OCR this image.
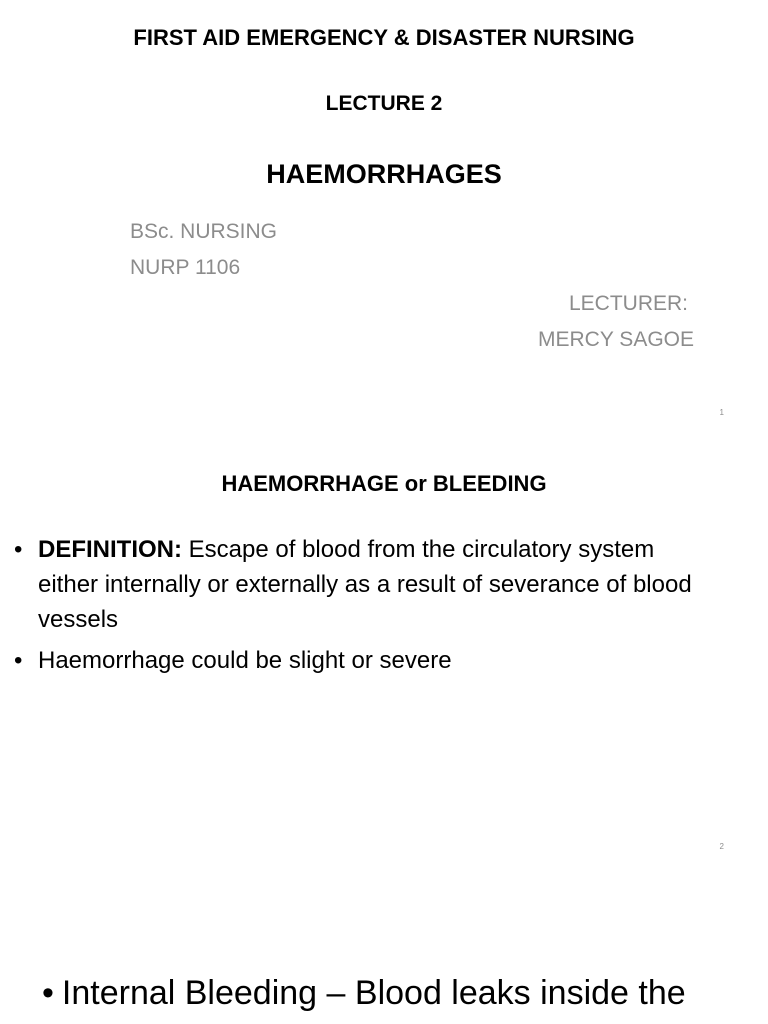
FIRST AID EMERGENCY & DISASTER NURSING
LECTURE 2
HAEMORRHAGES
BSc. NURSING
NURP 1106
LECTURER:
MERCY SAGOE
1
HAEMORRHAGE or BLEEDING
• DEFINITION: Escape of blood from the circulatory system either internally or externally as a result of severance of blood vessels
• Haemorrhage could be slight or severe
2
• Internal Bleeding – Blood leaks inside the
